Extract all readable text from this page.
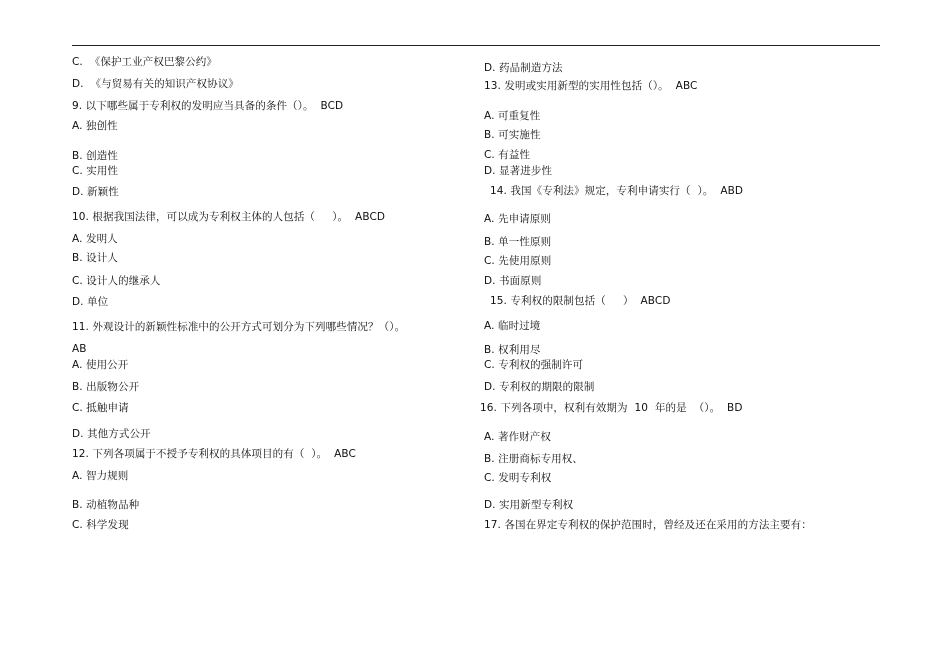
C.  《保护工业产权巴黎公约》
D.  《与贸易有关的知识产权协议》
9. 以下哪些属于专利权的发明应当具备的条件（）。  BCD
A. 独创性
B. 创造性
C. 实用性
D. 新颖性
10. 根据我国法律，可以成为专利权主体的人包括（     ）。  ABCD
A. 发明人
B. 设计人
C. 设计人的继承人
D. 单位
11. 外观设计的新颖性标准中的公开方式可划分为下列哪些情况？（）。
AB
A. 使用公开
B. 出版物公开
C. 抵触申请
D. 其他方式公开
12. 下列各项属于不授予专利权的具体项目的有（  ）。  ABC
A. 智力规则
B. 动植物品种
C. 科学发现
D. 药品制造方法
13. 发明或实用新型的实用性包括（）。  ABC
A. 可重复性
B. 可实施性
C. 有益性
D. 显著进步性
14. 我国《专利法》规定，专利申请实行（  ）。  ABD
A. 先申请原则
B. 单一性原则
C. 先使用原则
D. 书面原则
15. 专利权的限制包括（     ）  ABCD
A. 临时过境
B. 权利用尽
C. 专利权的强制许可
D. 专利权的期限的限制
16. 下列各项中，权利有效期为  10  年的是  （）。  BD
A. 著作财产权
B. 注册商标专用权、
C. 发明专利权
D. 实用新型专利权
17. 各国在界定专利权的保护范围时，曾经及还在采用的方法主要有：
